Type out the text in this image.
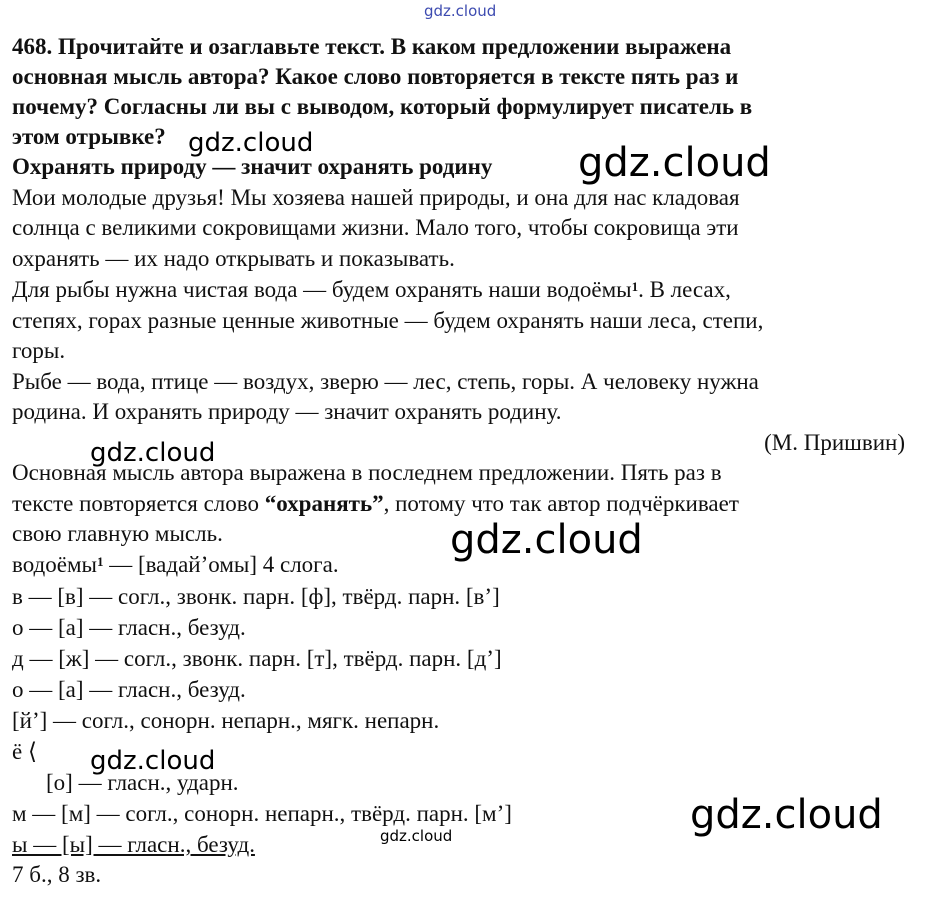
gdz.cloud
468. Прочитайте и озаглавьте текст. В каком предложении выражена
основная мысль автора? Какое слово повторяется в тексте пять раз и
почему? Согласны ли вы с выводом, который формулирует писатель в
этом отрывке?
Охранять природу — значит охранять родину
Мои молодые друзья! Мы хозяева нашей природы, и она для нас кладовая
солнца с великими сокровищами жизни. Мало того, чтобы сокровища эти
охранять — их надо открывать и показывать.
Для рыбы нужна чистая вода — будем охранять наши водоёмы$^1$. В лесах,
степях, горах разные ценные животные — будем охранять наши леса, степи,
горы.
Рыбе — вода, птице — воздух, зверю — лес, степь, горы. А человеку нужна
родина. И охранять природу — значит охранять родину.
(М. Пришвин)
Основная мысль автора выражена в последнем предложении. Пять раз в
тексте повторяется слово “охранять”, потому что так автор подчёркивает
свою главную мысль.
водоёмы$^1$ — [вадай’омы] 4 слога.
в — [в] — согл., звонк. парн. [ф], твёрд. парн. [в’]
о — [а] — гласн., безуд.
д — [ж] — согл., звонк. парн. [т], твёрд. парн. [д’]
о — [а] — гласн., безуд.
[й’] — согл., сонорн. непарн., мягк. непарн.
ё ⟨
[о] — гласн., ударн.
м — [м] — согл., сонорн. непарн., твёрд. парн. [м’]
ы — [ы] — гласн., безуд.
7 б., 8 зв.
gdz.cloud	gdz.cloud
gdz.cloud
gdz.cloud
gdz.cloud
gdz.cloud
gdz.cloud
